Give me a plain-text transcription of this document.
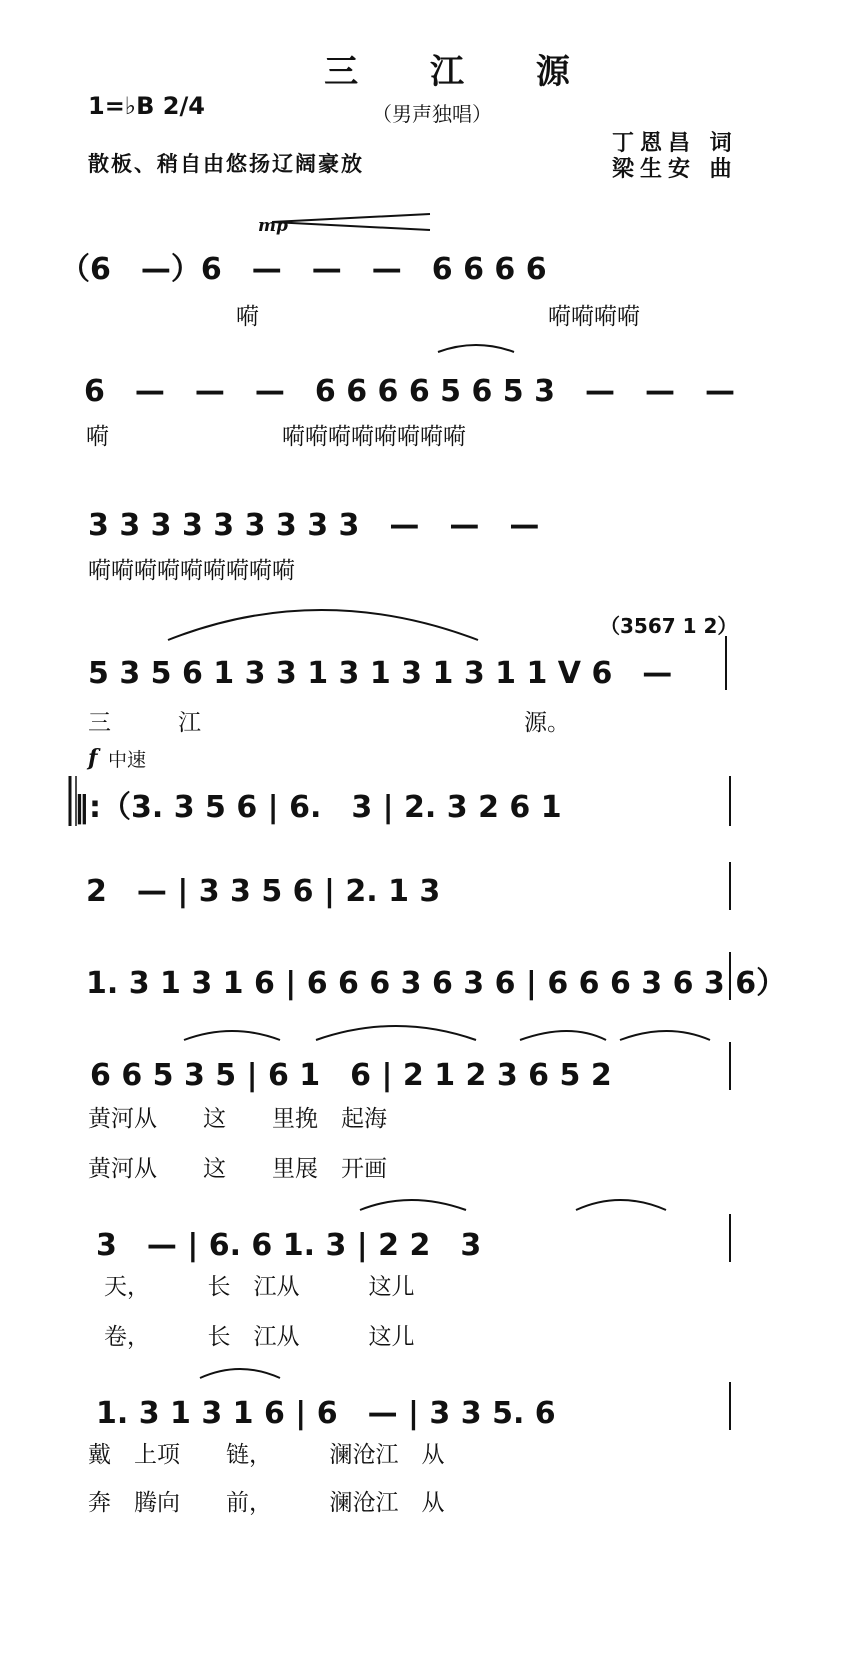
三 江 源
（男声独唱）
1=♭B 2/4
散板、稍自由悠扬辽阔豪放
丁恩昌 词
梁生安 曲
mp
（6　—）6　—　—　—　6 6 6 6
嗬	嗬嗬嗬嗬
6　—　—　—　6 6 6 6 5 6 5 3　—　—　—
嗬	嗬嗬嗬嗬嗬嗬嗬嗬
3 3 3 3 3 3 3 3 3　—　—　—
嗬嗬嗬嗬嗬嗬嗬嗬嗬
（3567 1 2）
5 3 5 6 1 3 3 1 3 1 3 1 3 1 1 V 6　—
三	江	源。
f 中速
‖:（3. 3 5 6 | 6.　3 | 2. 3 2 6 1
2　— | 3 3 5 6 | 2. 1 3
1. 3 1 3 1 6 | 6 6 6 3 6 3 6 | 6 6 6 3 6 3 6）
6 6 5 3 5 | 6 1　6 | 2 1 2 3 6 5 2
黄河从　　这　　里挽　起海
黄河从　　这　　里展　开画
3　— | 6. 6 1. 3 | 2 2　3
天，　　　长　江从　　　这儿
卷，　　　长　江从　　　这儿
1. 3 1 3 1 6 | 6　— | 3 3 5. 6
戴　上项　　链，　　　澜沧江　从
奔　腾向　　前，　　　澜沧江　从
